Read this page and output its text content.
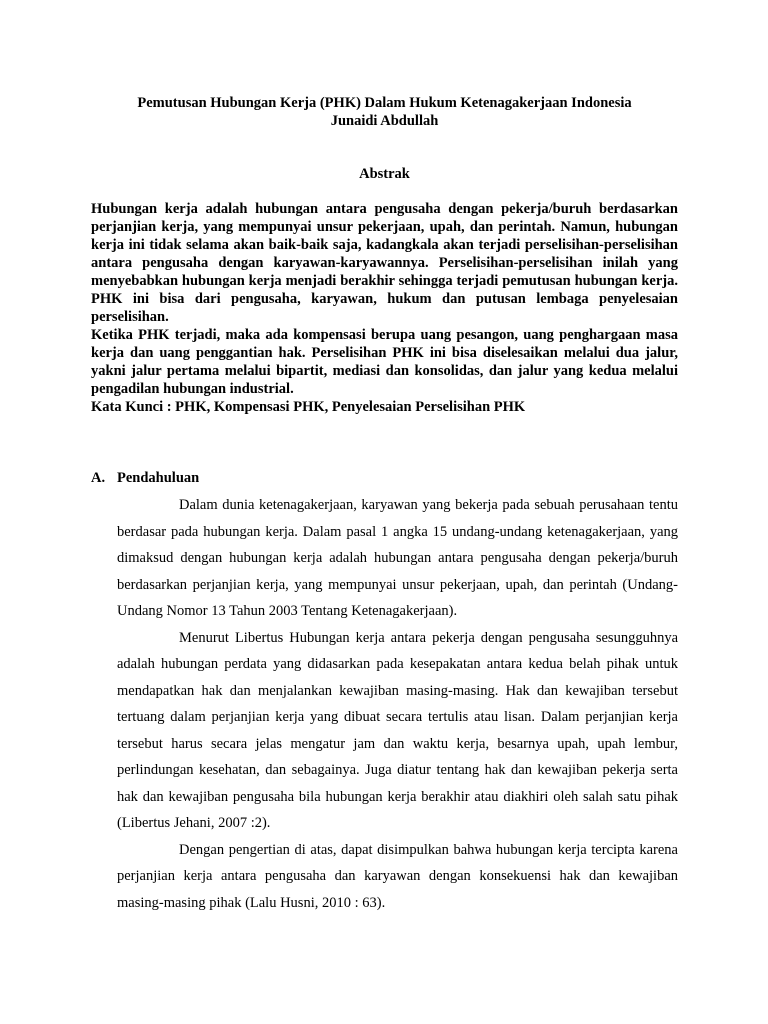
Pemutusan Hubungan Kerja (PHK) Dalam Hukum Ketenagakerjaan Indonesia
Junaidi Abdullah
Abstrak

Hubungan kerja adalah hubungan antara pengusaha dengan pekerja/buruh berdasarkan perjanjian kerja, yang mempunyai unsur pekerjaan, upah, dan perintah. Namun, hubungan kerja ini tidak selama akan baik-baik saja, kadangkala akan terjadi perselisihan-perselisihan antara pengusaha dengan karyawan-karyawannya. Perselisihan-perselisihan inilah yang menyebabkan hubungan kerja menjadi berakhir sehingga terjadi pemutusan hubungan kerja. PHK ini bisa dari pengusaha, karyawan, hukum dan putusan lembaga penyelesaian perselisihan.

Ketika PHK terjadi, maka ada kompensasi berupa uang pesangon, uang penghargaan masa kerja dan uang penggantian hak. Perselisihan PHK ini bisa diselesaikan melalui dua jalur, yakni jalur pertama melalui bipartit, mediasi dan konsolidas, dan jalur yang kedua melalui pengadilan hubungan industrial.

Kata Kunci : PHK, Kompensasi PHK, Penyelesaian Perselisihan PHK

A. Pendahuluan

Dalam dunia ketenagakerjaan, karyawan yang bekerja pada sebuah perusahaan tentu berdasar pada hubungan kerja. Dalam pasal 1 angka 15 undang-undang ketenagakerjaan, yang dimaksud dengan hubungan kerja adalah hubungan antara pengusaha dengan pekerja/buruh berdasarkan perjanjian kerja, yang mempunyai unsur pekerjaan, upah, dan perintah (Undang-Undang Nomor 13 Tahun 2003 Tentang Ketenagakerjaan).

Menurut Libertus Hubungan kerja antara pekerja dengan pengusaha sesungguhnya adalah hubungan perdata yang didasarkan pada kesepakatan antara kedua belah pihak untuk mendapatkan hak dan menjalankan kewajiban masing-masing. Hak dan kewajiban tersebut tertuang dalam perjanjian kerja yang dibuat secara tertulis atau lisan. Dalam perjanjian kerja tersebut harus secara jelas mengatur jam dan waktu kerja, besarnya upah, upah lembur, perlindungan kesehatan, dan sebagainya. Juga diatur tentang hak dan kewajiban pekerja serta hak dan kewajiban pengusaha bila hubungan kerja berakhir atau diakhiri oleh salah satu pihak (Libertus Jehani, 2007 :2).

Dengan pengertian di atas, dapat disimpulkan bahwa hubungan kerja tercipta karena perjanjian kerja antara pengusaha dan karyawan dengan konsekuensi hak dan kewajiban masing-masing pihak (Lalu Husni, 2010 : 63).
